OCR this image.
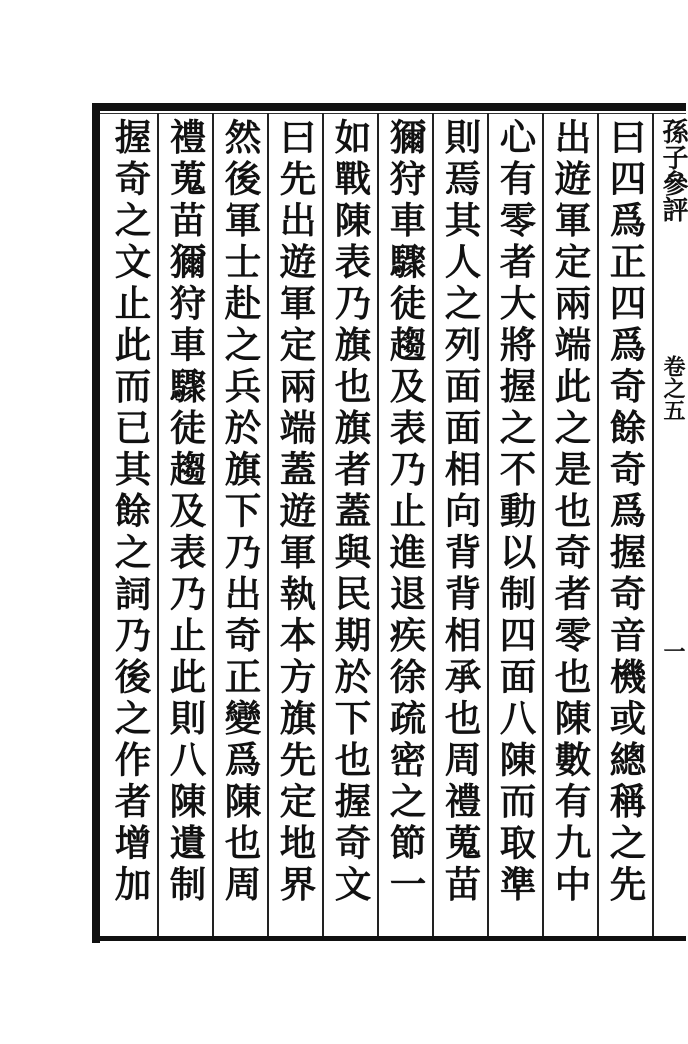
孫子參評
卷之五
一
曰四爲正四爲奇餘奇爲握奇音機或總稱之先
出遊軍定兩端此之是也奇者零也陳數有九中
心有零者大將握之不動以制四面八陳而取準
則焉其人之列面面相向背背相承也周禮蒐苗
獮狩車驟徒趨及表乃止進退疾徐疏密之節一
如戰陳表乃旗也旗者蓋與民期於下也握奇文
曰先出遊軍定兩端蓋遊軍執本方旗先定地界
然後軍士赴之兵於旗下乃出奇正變爲陳也周
禮蒐苗獮狩車驟徒趨及表乃止此則八陳遺制
握奇之文止此而已其餘之詞乃後之作者增加
